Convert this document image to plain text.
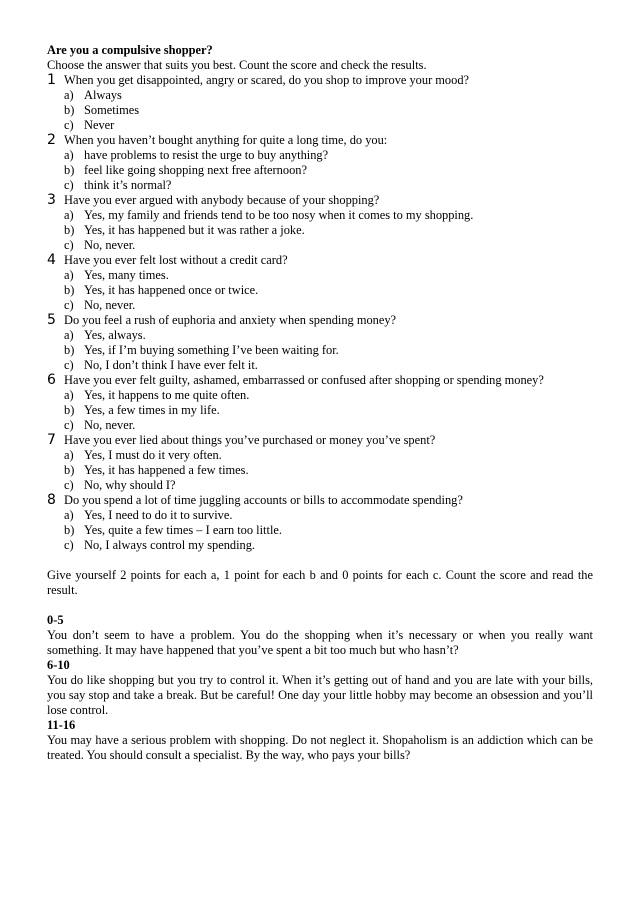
Are you a compulsive shopper?

Choose the answer that suits you best. Count the score and check the results.

1 When you get disappointed, angry or scared, do you shop to improve your mood?
a) Always
b) Sometimes
c) Never
2 When you haven’t bought anything for quite a long time, do you:
a) have problems to resist the urge to buy anything?
b) feel like going shopping next free afternoon?
c) think it’s normal?
3 Have you ever argued with anybody because of your shopping?
a) Yes, my family and friends tend to be too nosy when it comes to my shopping.
b) Yes, it has happened but it was rather a joke.
c) No, never.
4 Have you ever felt lost without a credit card?
a) Yes, many times.
b) Yes, it has happened once or twice.
c) No, never.
5 Do you feel a rush of euphoria and anxiety when spending money?
a) Yes, always.
b) Yes, if I’m buying something I’ve been waiting for.
c) No, I don’t think I have ever felt it.
6 Have you ever felt guilty, ashamed, embarrassed or confused after shopping or spending money?
a) Yes, it happens to me quite often.
b) Yes, a few times in my life.
c) No, never.
7 Have you ever lied about things you’ve purchased or money you’ve spent?
a) Yes, I must do it very often.
b) Yes, it has happened a few times.
c) No, why should I?
8 Do you spend a lot of time juggling accounts or bills to accommodate spending?
a) Yes, I need to do it to survive.
b) Yes, quite a few times – I earn too little.
c) No, I always control my spending.

Give yourself 2 points for each a, 1 point for each b and 0 points for each c. Count the score and read the result.

0-5

You don’t seem to have a problem. You do the shopping when it’s necessary or when you really want something. It may have happened that you’ve spent a bit too much but who hasn’t?

6-10

You do like shopping but you try to control it. When it’s getting out of hand and you are late with your bills, you say stop and take a break. But be careful! One day your little hobby may become an obsession and you’ll lose control.

11-16

You may have a serious problem with shopping. Do not neglect it. Shopaholism is an addiction which can be treated. You should consult a specialist. By the way, who pays your bills?
